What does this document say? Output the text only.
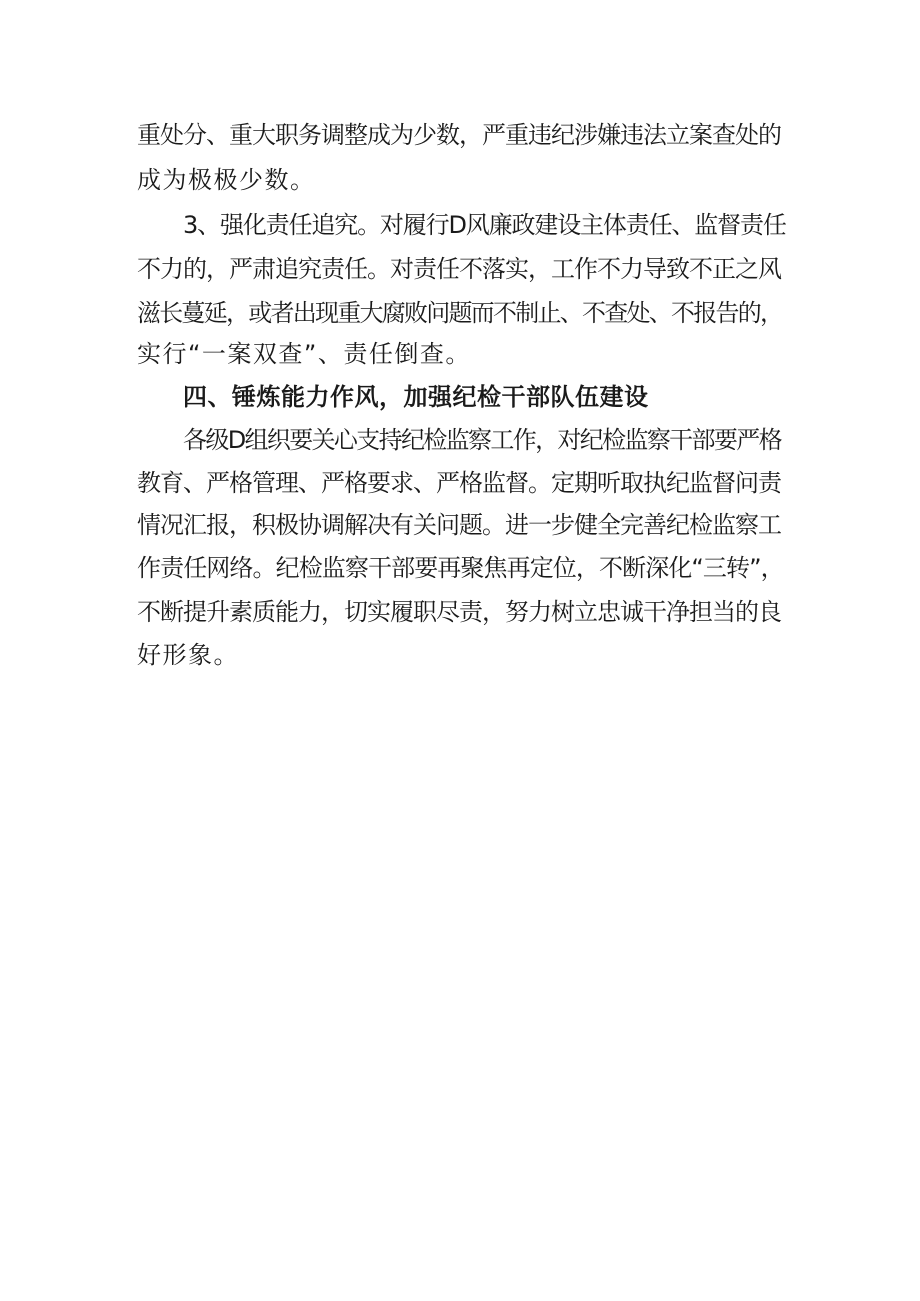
重处分、重大职务调整成为少数，严重违纪涉嫌违法立案查处的
成为极极少数。
3、强化责任追究。对履行D风廉政建设主体责任、监督责任
不力的，严肃追究责任。对责任不落实，工作不力导致不正之风
滋长蔓延，或者出现重大腐败问题而不制止、不查处、不报告的，
实行“一案双查”、责任倒查。
四、锤炼能力作风，加强纪检干部队伍建设
各级D组织要关心支持纪检监察工作，对纪检监察干部要严格
教育、严格管理、严格要求、严格监督。定期听取执纪监督问责
情况汇报，积极协调解决有关问题。进一步健全完善纪检监察工
作责任网络。纪检监察干部要再聚焦再定位，不断深化“三转”，
不断提升素质能力，切实履职尽责，努力树立忠诚干净担当的良
好形象。
